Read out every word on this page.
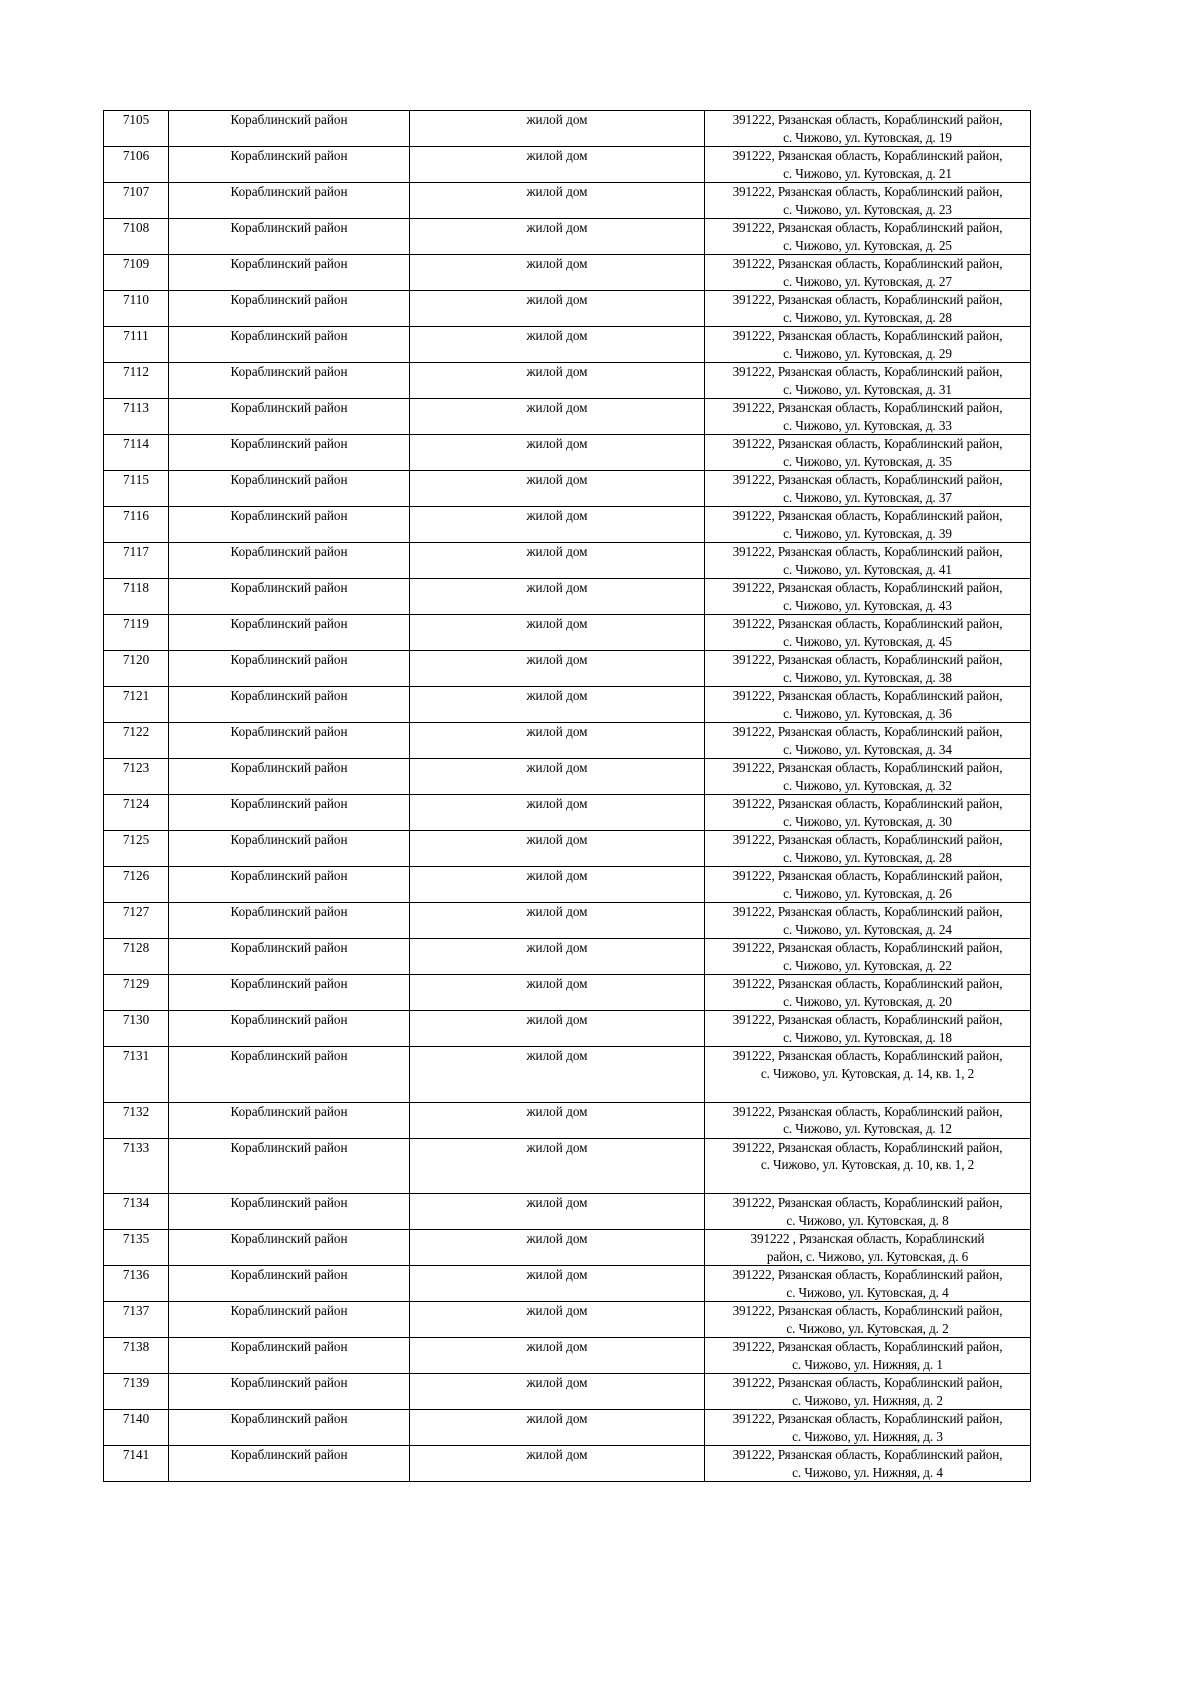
7105	Кораблинский район	жилой дом	391222, Рязанская область, Кораблинский район,
с. Чижово, ул. Кутовская, д. 19
7106	Кораблинский район	жилой дом	391222, Рязанская область, Кораблинский район,
с. Чижово, ул. Кутовская, д. 21
7107	Кораблинский район	жилой дом	391222, Рязанская область, Кораблинский район,
с. Чижово, ул. Кутовская, д. 23
7108	Кораблинский район	жилой дом	391222, Рязанская область, Кораблинский район,
с. Чижово, ул. Кутовская, д. 25
7109	Кораблинский район	жилой дом	391222, Рязанская область, Кораблинский район,
с. Чижово, ул. Кутовская, д. 27
7110	Кораблинский район	жилой дом	391222, Рязанская область, Кораблинский район,
с. Чижово, ул. Кутовская, д. 28
7111	Кораблинский район	жилой дом	391222, Рязанская область, Кораблинский район,
с. Чижово, ул. Кутовская, д. 29
7112	Кораблинский район	жилой дом	391222, Рязанская область, Кораблинский район,
с. Чижово, ул. Кутовская, д. 31
7113	Кораблинский район	жилой дом	391222, Рязанская область, Кораблинский район,
с. Чижово, ул. Кутовская, д. 33
7114	Кораблинский район	жилой дом	391222, Рязанская область, Кораблинский район,
с. Чижово, ул. Кутовская, д. 35
7115	Кораблинский район	жилой дом	391222, Рязанская область, Кораблинский район,
с. Чижово, ул. Кутовская, д. 37
7116	Кораблинский район	жилой дом	391222, Рязанская область, Кораблинский район,
с. Чижово, ул. Кутовская, д. 39
7117	Кораблинский район	жилой дом	391222, Рязанская область, Кораблинский район,
с. Чижово, ул. Кутовская, д. 41
7118	Кораблинский район	жилой дом	391222, Рязанская область, Кораблинский район,
с. Чижово, ул. Кутовская, д. 43
7119	Кораблинский район	жилой дом	391222, Рязанская область, Кораблинский район,
с. Чижово, ул. Кутовская, д. 45
7120	Кораблинский район	жилой дом	391222, Рязанская область, Кораблинский район,
с. Чижово, ул. Кутовская, д. 38
7121	Кораблинский район	жилой дом	391222, Рязанская область, Кораблинский район,
с. Чижово, ул. Кутовская, д. 36
7122	Кораблинский район	жилой дом	391222, Рязанская область, Кораблинский район,
с. Чижово, ул. Кутовская, д. 34
7123	Кораблинский район	жилой дом	391222, Рязанская область, Кораблинский район,
с. Чижово, ул. Кутовская, д. 32
7124	Кораблинский район	жилой дом	391222, Рязанская область, Кораблинский район,
с. Чижово, ул. Кутовская, д. 30
7125	Кораблинский район	жилой дом	391222, Рязанская область, Кораблинский район,
с. Чижово, ул. Кутовская, д. 28
7126	Кораблинский район	жилой дом	391222, Рязанская область, Кораблинский район,
с. Чижово, ул. Кутовская, д. 26
7127	Кораблинский район	жилой дом	391222, Рязанская область, Кораблинский район,
с. Чижово, ул. Кутовская, д. 24
7128	Кораблинский район	жилой дом	391222, Рязанская область, Кораблинский район,
с. Чижово, ул. Кутовская, д. 22
7129	Кораблинский район	жилой дом	391222, Рязанская область, Кораблинский район,
с. Чижово, ул. Кутовская, д. 20
7130	Кораблинский район	жилой дом	391222, Рязанская область, Кораблинский район,
с. Чижово, ул. Кутовская, д. 18
7131	Кораблинский район	жилой дом	391222, Рязанская область, Кораблинский район,
с. Чижово, ул. Кутовская, д. 14, кв. 1, 2
7132	Кораблинский район	жилой дом	391222, Рязанская область, Кораблинский район,
с. Чижово, ул. Кутовская, д. 12
7133	Кораблинский район	жилой дом	391222, Рязанская область, Кораблинский район,
с. Чижово, ул. Кутовская, д. 10, кв. 1, 2
7134	Кораблинский район	жилой дом	391222, Рязанская область, Кораблинский район,
с. Чижово, ул. Кутовская, д. 8
7135	Кораблинский район	жилой дом	391222 , Рязанская область, Кораблинский
район, с. Чижово, ул. Кутовская, д. 6
7136	Кораблинский район	жилой дом	391222, Рязанская область, Кораблинский район,
с. Чижово, ул. Кутовская, д. 4
7137	Кораблинский район	жилой дом	391222, Рязанская область, Кораблинский район,
с. Чижово, ул. Кутовская, д. 2
7138	Кораблинский район	жилой дом	391222, Рязанская область, Кораблинский район,
с. Чижово, ул. Нижняя, д. 1
7139	Кораблинский район	жилой дом	391222, Рязанская область, Кораблинский район,
с. Чижово, ул. Нижняя, д. 2
7140	Кораблинский район	жилой дом	391222, Рязанская область, Кораблинский район,
с. Чижово, ул. Нижняя, д. 3
7141	Кораблинский район	жилой дом	391222, Рязанская область, Кораблинский район,
с. Чижово, ул. Нижняя, д. 4
